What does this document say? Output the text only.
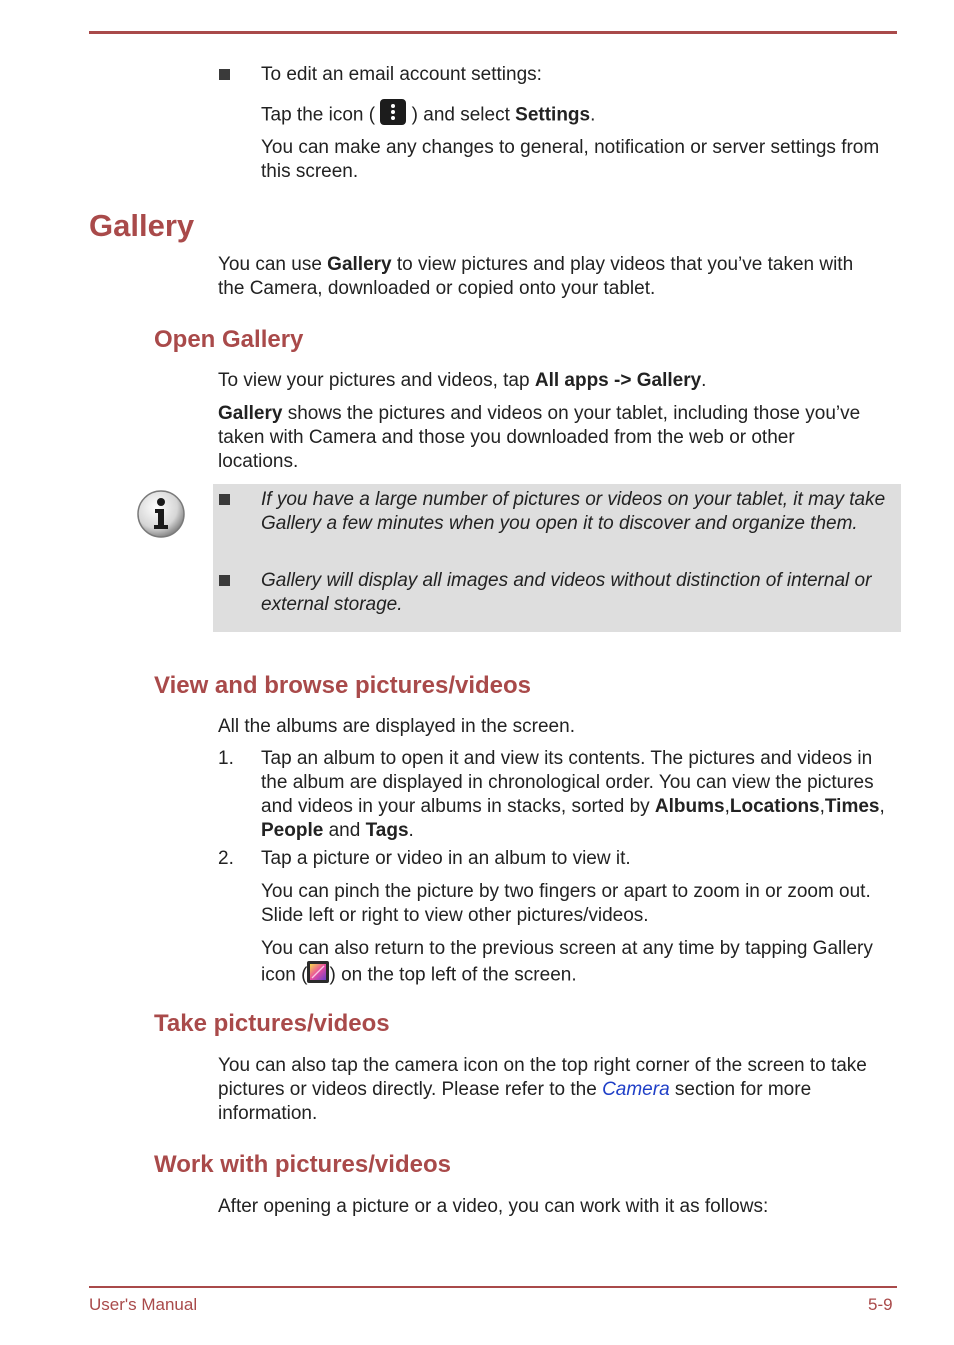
To edit an email account settings:

Tap the icon ( ) and select Settings.

You can make any changes to general, notification or server settings from this screen.

Gallery

You can use Gallery to view pictures and play videos that you’ve taken with the Camera, downloaded or copied onto your tablet.

Open Gallery

To view your pictures and videos, tap All apps -> Gallery.

Gallery shows the pictures and videos on your tablet, including those you’ve taken with Camera and those you downloaded from the web or other locations.

If you have a large number of pictures or videos on your tablet, it may take Gallery a few minutes when you open it to discover and organize them.

Gallery will display all images and videos without distinction of internal or external storage.

View and browse pictures/videos

All the albums are displayed in the screen.

1. Tap an album to open it and view its contents. The pictures and videos in the album are displayed in chronological order. You can view the pictures and videos in your albums in stacks, sorted by Albums,Locations,Times, People and Tags.

2. Tap a picture or video in an album to view it.

You can pinch the picture by two fingers or apart to zoom in or zoom out. Slide left or right to view other pictures/videos.

You can also return to the previous screen at any time by tapping Gallery icon ( ) on the top left of the screen.

Take pictures/videos

You can also tap the camera icon on the top right corner of the screen to take pictures or videos directly. Please refer to the Camera section for more information.

Work with pictures/videos

After opening a picture or a video, you can work with it as follows:

User's Manual	5-9
